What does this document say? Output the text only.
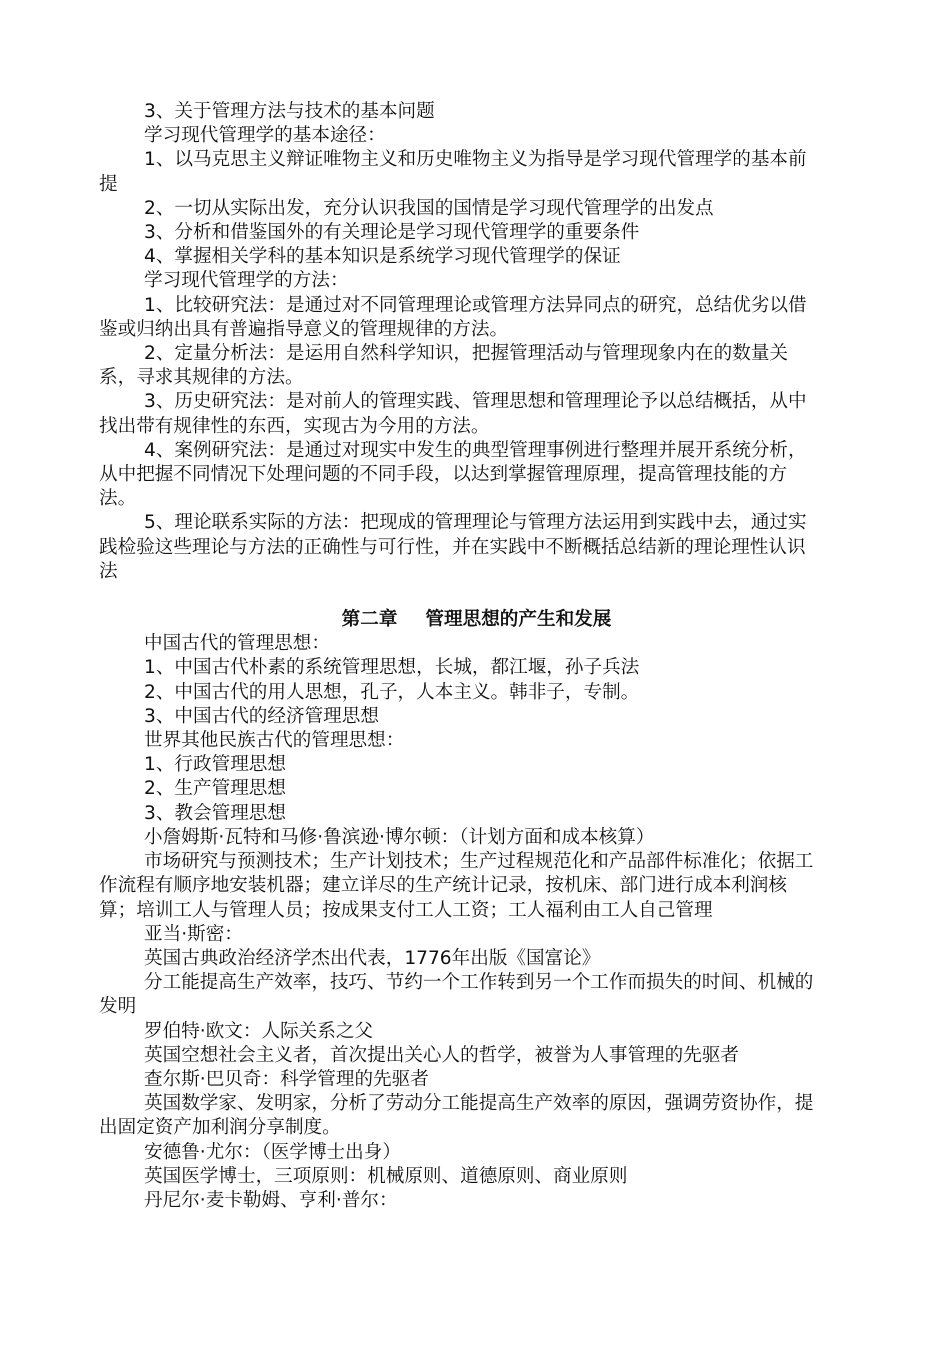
3、关于管理方法与技术的基本问题

学习现代管理学的基本途径：

1、以马克思主义辩证唯物主义和历史唯物主义为指导是学习现代管理学的基本前提

2、一切从实际出发，充分认识我国的国情是学习现代管理学的出发点

3、分析和借鉴国外的有关理论是学习现代管理学的重要条件

4、掌握相关学科的基本知识是系统学习现代管理学的保证

学习现代管理学的方法：

1、比较研究法：是通过对不同管理理论或管理方法异同点的研究，总结优劣以借鉴或归纳出具有普遍指导意义的管理规律的方法。

2、定量分析法：是运用自然科学知识，把握管理活动与管理现象内在的数量关系，寻求其规律的方法。

3、历史研究法：是对前人的管理实践、管理思想和管理理论予以总结概括，从中找出带有规律性的东西，实现古为今用的方法。

4、案例研究法：是通过对现实中发生的典型管理事例进行整理并展开系统分析，从中把握不同情况下处理问题的不同手段，以达到掌握管理原理，提高管理技能的方法。

5、理论联系实际的方法：把现成的管理理论与管理方法运用到实践中去，通过实践检验这些理论与方法的正确性与可行性，并在实践中不断概括总结新的理论理性认识法

第二章 管理思想的产生和发展

中国古代的管理思想：

1、中国古代朴素的系统管理思想，长城，都江堰，孙子兵法

2、中国古代的用人思想，孔子，人本主义。韩非子，专制。

3、中国古代的经济管理思想

世界其他民族古代的管理思想：

1、行政管理思想

2、生产管理思想

3、教会管理思想

小詹姆斯·瓦特和马修·鲁滨逊·博尔顿：（计划方面和成本核算）

市场研究与预测技术；生产计划技术；生产过程规范化和产品部件标准化；依据工作流程有顺序地安装机器；建立详尽的生产统计记录，按机床、部门进行成本利润核算；培训工人与管理人员；按成果支付工人工资；工人福利由工人自己管理

亚当·斯密：

英国古典政治经济学杰出代表，1776年出版《国富论》

分工能提高生产效率，技巧、节约一个工作转到另一个工作而损失的时间、机械的发明

罗伯特·欧文：人际关系之父

英国空想社会主义者，首次提出关心人的哲学，被誉为人事管理的先驱者

查尔斯·巴贝奇：科学管理的先驱者

英国数学家、发明家，分析了劳动分工能提高生产效率的原因，强调劳资协作，提出固定资产加利润分享制度。

安德鲁·尤尔：（医学博士出身）

英国医学博士，三项原则：机械原则、道德原则、商业原则

丹尼尔·麦卡勒姆、亨利·普尔：
